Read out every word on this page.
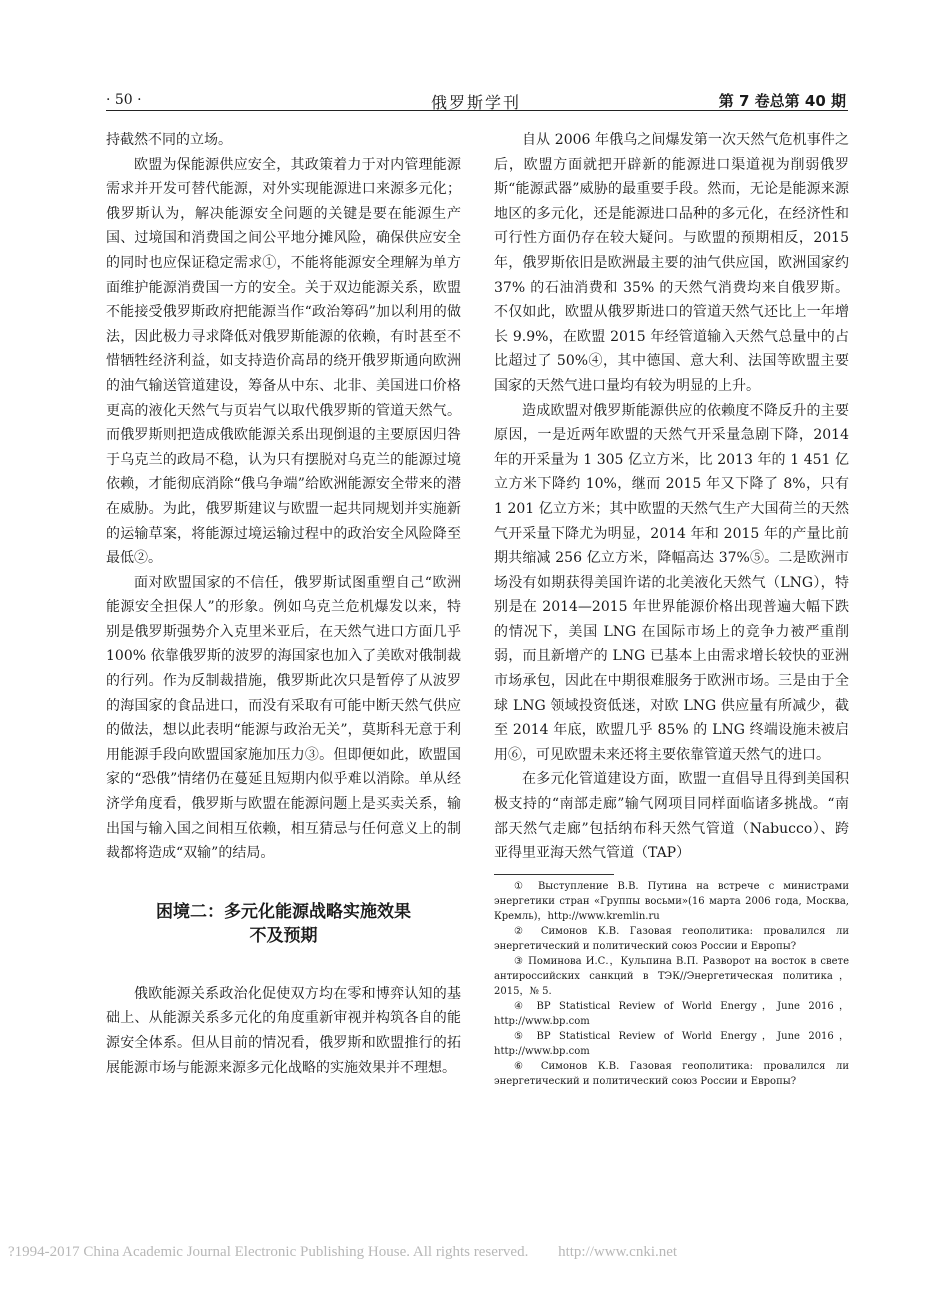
· 50 ·	俄罗斯学刊	第 7 卷总第 40 期

持截然不同的立场。

欧盟为保能源供应安全，其政策着力于对内管理能源需求并开发可替代能源，对外实现能源进口来源多元化；俄罗斯认为，解决能源安全问题的关键是要在能源生产国、过境国和消费国之间公平地分摊风险，确保供应安全的同时也应保证稳定需求①，不能将能源安全理解为单方面维护能源消费国一方的安全。关于双边能源关系，欧盟不能接受俄罗斯政府把能源当作“政治筹码”加以利用的做法，因此极力寻求降低对俄罗斯能源的依赖，有时甚至不惜牺牲经济利益，如支持造价高昂的绕开俄罗斯通向欧洲的油气输送管道建设，筹备从中东、北非、美国进口价格更高的液化天然气与页岩气以取代俄罗斯的管道天然气。而俄罗斯则把造成俄欧能源关系出现倒退的主要原因归咎于乌克兰的政局不稳，认为只有摆脱对乌克兰的能源过境依赖，才能彻底消除“俄乌争端”给欧洲能源安全带来的潜在威胁。为此，俄罗斯建议与欧盟一起共同规划并实施新的运输草案，将能源过境运输过程中的政治安全风险降至最低②。

面对欧盟国家的不信任，俄罗斯试图重塑自己“欧洲能源安全担保人”的形象。例如乌克兰危机爆发以来，特别是俄罗斯强势介入克里米亚后，在天然气进口方面几乎 100% 依靠俄罗斯的波罗的海国家也加入了美欧对俄制裁的行列。作为反制裁措施，俄罗斯此次只是暂停了从波罗的海国家的食品进口，而没有采取有可能中断天然气供应的做法，想以此表明“能源与政治无关”，莫斯科无意于利用能源手段向欧盟国家施加压力③。但即便如此，欧盟国家的“恐俄”情绪仍在蔓延且短期内似乎难以消除。单从经济学角度看，俄罗斯与欧盟在能源问题上是买卖关系，输出国与输入国之间相互依赖，相互猜忌与任何意义上的制裁都将造成“双输”的结局。

困境二：多元化能源战略实施效果
不及预期

俄欧能源关系政治化促使双方均在零和博弈认知的基础上、从能源关系多元化的角度重新审视并构筑各自的能源安全体系。但从目前的情况看，俄罗斯和欧盟推行的拓展能源市场与能源来源多元化战略的实施效果并不理想。

自从 2006 年俄乌之间爆发第一次天然气危机事件之后，欧盟方面就把开辟新的能源进口渠道视为削弱俄罗斯“能源武器”威胁的最重要手段。然而，无论是能源来源地区的多元化，还是能源进口品种的多元化，在经济性和可行性方面仍存在较大疑问。与欧盟的预期相反，2015 年，俄罗斯依旧是欧洲最主要的油气供应国，欧洲国家约 37% 的石油消费和 35% 的天然气消费均来自俄罗斯。不仅如此，欧盟从俄罗斯进口的管道天然气还比上一年增长 9.9%，在欧盟 2015 年经管道输入天然气总量中的占比超过了 50%④，其中德国、意大利、法国等欧盟主要国家的天然气进口量均有较为明显的上升。

造成欧盟对俄罗斯能源供应的依赖度不降反升的主要原因，一是近两年欧盟的天然气开采量急剧下降，2014 年的开采量为 1 305 亿立方米，比 2013 年的 1 451 亿立方米下降约 10%，继而 2015 年又下降了 8%，只有 1 201 亿立方米；其中欧盟的天然气生产大国荷兰的天然气开采量下降尤为明显，2014 年和 2015 年的产量比前期共缩减 256 亿立方米，降幅高达 37%⑤。二是欧洲市场没有如期获得美国许诺的北美液化天然气（LNG），特别是在 2014—2015 年世界能源价格出现普遍大幅下跌的情况下，美国 LNG 在国际市场上的竞争力被严重削弱，而且新增产的 LNG 已基本上由需求增长较快的亚洲市场承包，因此在中期很难服务于欧洲市场。三是由于全球 LNG 领域投资低迷，对欧 LNG 供应量有所减少，截至 2014 年底，欧盟几乎 85% 的 LNG 终端设施未被启用⑥，可见欧盟未来还将主要依靠管道天然气的进口。

在多元化管道建设方面，欧盟一直倡导且得到美国积极支持的“南部走廊”输气网项目同样面临诸多挑战。“南部天然气走廊”包括纳布科天然气管道（Nabucco）、跨亚得里亚海天然气管道（TAP）

① Выступление В.В. Путина на встрече с министрами энергетики стран «Группы восьми»(16 марта 2006 года, Москва, Кремль)，http://www.kremlin.ru

② Симонов К.В. Газовая геополитика: провалился ли энергетический и политический союз России и Европы?

③ Поминова И.С.，Кульпина В.П. Разворот на восток в свете антироссийских санкций в ТЭК//Энергетическая политика，2015，№ 5.

④ BP Statistical Review of World Energy，June 2016，http://www.bp.com

⑤ BP Statistical Review of World Energy，June 2016，http://www.bp.com

⑥ Симонов К.В. Газовая геополитика: провалился ли энергетический и политический союз России и Европы?

?1994-2017 China Academic Journal Electronic Publishing House. All rights reserved. http://www.cnki.net
